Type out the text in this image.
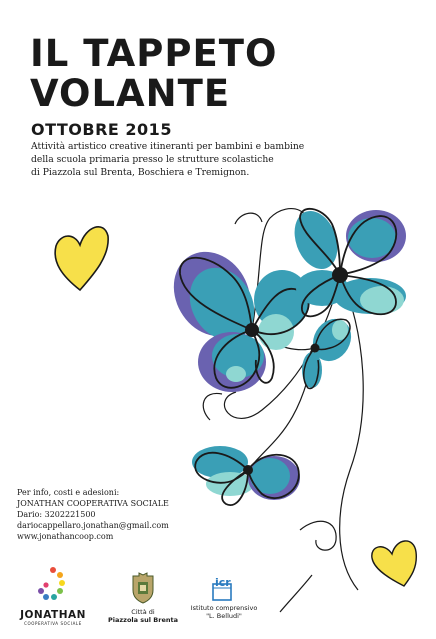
IL TAPPETO
VOLANTE
OTTOBRE 2015
Attività artistico creative itineranti per bambini e bambine
della scuola primaria presso le strutture scolastiche
di Piazzola sul Brenta, Boschiera e Tremignon.
Per info, costi e adesioni:
JONATHAN COOPERATIVA SOCIALE
Dario: 3202221500
dariocappellaro.jonathan@gmail.com
www.jonathancoop.com
JONATHAN
COOPERATIVA SOCIALE
Città di
Piazzola sul Brenta
icr
Istituto comprensivo
"L. Belludi"
